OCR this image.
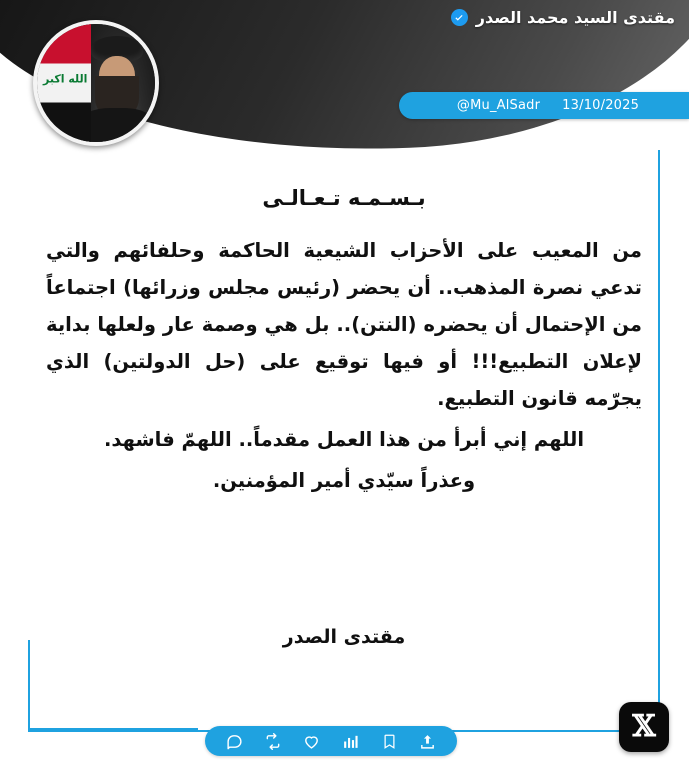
مقتدى السيد محمد الصدر
الله اكبر
13/10/2025
@Mu_AlSadr
بـسـمـه تـعـالـى

من المعيب على الأحزاب الشيعية الحاكمة وحلفائهم والتي تدعي نصرة المذهب.. أن يحضر (رئيس مجلس وزرائها) اجتماعاً من الإحتمال أن يحضره (النتن).. بل هي وصمة عار ولعلها بداية لإعلان التطبيع!!! أو فيها توقيع على (حل الدولتين) الذي يجرّمه قانون التطبيع.

اللهم إني أبرأ من هذا العمل مقدماً.. اللهمّ فاشهد.

وعذراً سيّدي أمير المؤمنين.

مقتدى الصدر
𝕏
